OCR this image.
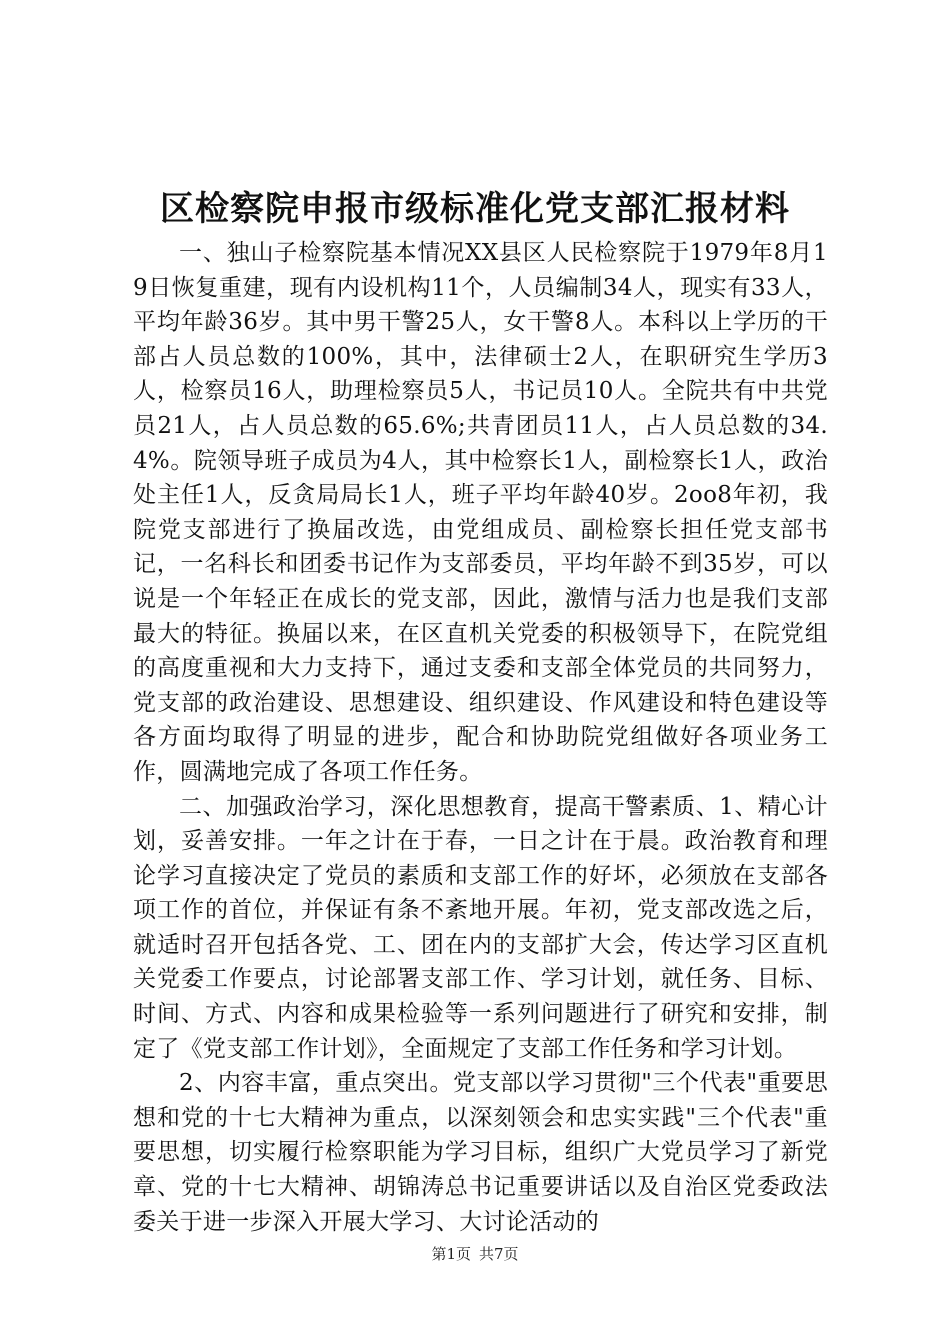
区检察院申报市级标准化党支部汇报材料

一、独山子检察院基本情况XX县区人民检察院于1979年8月19日恢复重建，现有内设机构11个，人员编制34人，现实有33人，平均年龄36岁。其中男干警25人，女干警8人。本科以上学历的干部占人员总数的100%，其中，法律硕士2人，在职研究生学历3人，检察员16人，助理检察员5人，书记员10人。全院共有中共党员21人，占人员总数的65.6%;共青团员11人，占人员总数的34.4%。院领导班子成员为4人，其中检察长1人，副检察长1人，政治处主任1人，反贪局局长1人，班子平均年龄40岁。2oo8年初，我院党支部进行了换届改选，由党组成员、副检察长担任党支部书记，一名科长和团委书记作为支部委员，平均年龄不到35岁，可以说是一个年轻正在成长的党支部，因此，激情与活力也是我们支部最大的特征。换届以来，在区直机关党委的积极领导下，在院党组的高度重视和大力支持下，通过支委和支部全体党员的共同努力，党支部的政治建设、思想建设、组织建设、作风建设和特色建设等各方面均取得了明显的进步，配合和协助院党组做好各项业务工作，圆满地完成了各项工作任务。

二、加强政治学习，深化思想教育，提高干警素质、1、精心计划，妥善安排。一年之计在于春，一日之计在于晨。政治教育和理论学习直接决定了党员的素质和支部工作的好坏，必须放在支部各项工作的首位，并保证有条不紊地开展。年初，党支部改选之后，就适时召开包括各党、工、团在内的支部扩大会，传达学习区直机关党委工作要点，讨论部署支部工作、学习计划，就任务、目标、时间、方式、内容和成果检验等一系列问题进行了研究和安排，制定了《党支部工作计划》，全面规定了支部工作任务和学习计划。

2、内容丰富，重点突出。党支部以学习贯彻"三个代表"重要思想和党的十七大精神为重点，以深刻领会和忠实实践"三个代表"重要思想，切实履行检察职能为学习目标，组织广大党员学习了新党章、党的十七大精神、胡锦涛总书记重要讲话以及自治区党委政法委关于进一步深入开展大学习、大讨论活动的

第1页 共7页
